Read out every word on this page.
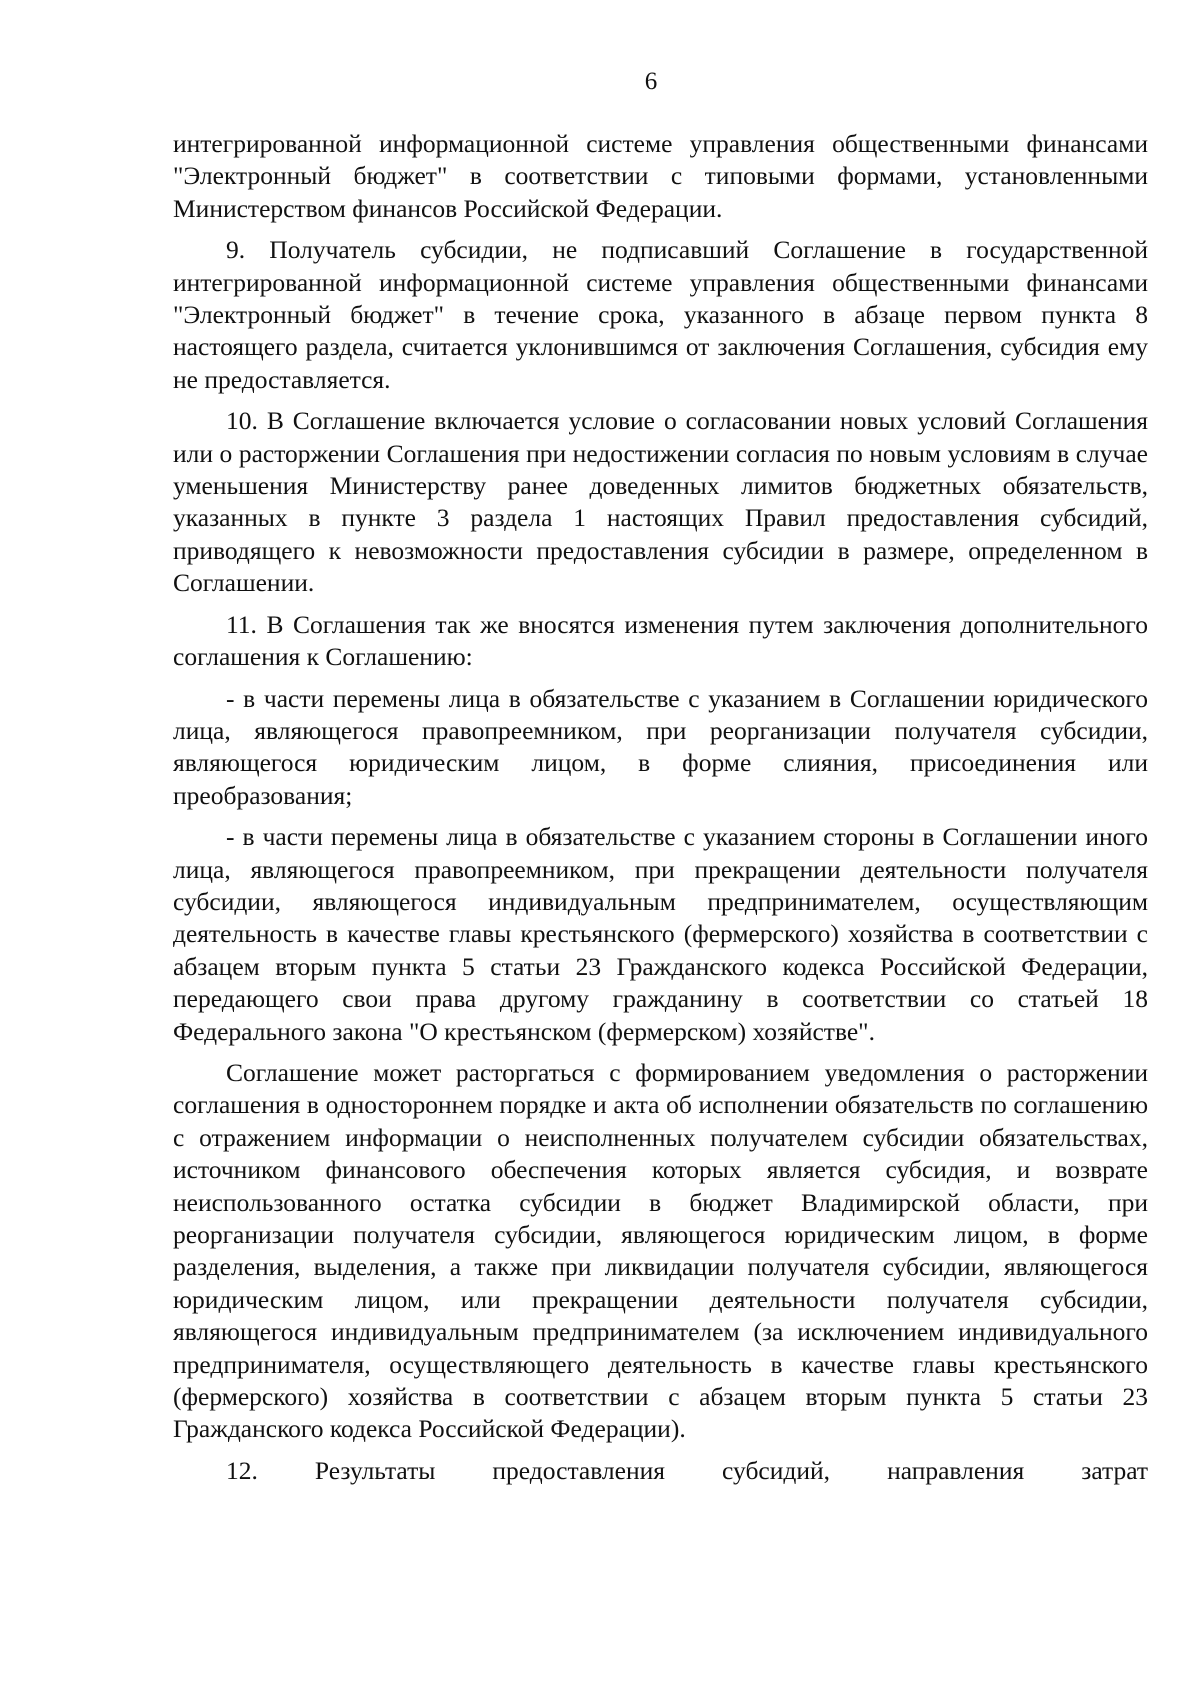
6

интегрированной информационной системе управления общественными финансами "Электронный бюджет" в соответствии с типовыми формами, установленными Министерством финансов Российской Федерации.

9. Получатель субсидии, не подписавший Соглашение в государственной интегрированной информационной системе управления общественными финансами "Электронный бюджет" в течение срока, указанного в абзаце первом пункта 8 настоящего раздела, считается уклонившимся от заключения Соглашения, субсидия ему не предоставляется.

10. В Соглашение включается условие о согласовании новых условий Соглашения или о расторжении Соглашения при недостижении согласия по новым условиям в случае уменьшения Министерству ранее доведенных лимитов бюджетных обязательств, указанных в пункте 3 раздела 1 настоящих Правил предоставления субсидий, приводящего к невозможности предоставления субсидии в размере, определенном в Соглашении.

11. В Соглашения так же вносятся изменения путем заключения дополнительного соглашения к Соглашению:

- в части перемены лица в обязательстве с указанием в Соглашении юридического лица, являющегося правопреемником, при реорганизации получателя субсидии, являющегося юридическим лицом, в форме слияния, присоединения или преобразования;

- в части перемены лица в обязательстве с указанием стороны в Соглашении иного лица, являющегося правопреемником, при прекращении деятельности получателя субсидии, являющегося индивидуальным предпринимателем, осуществляющим деятельность в качестве главы крестьянского (фермерского) хозяйства в соответствии с абзацем вторым пункта 5 статьи 23 Гражданского кодекса Российской Федерации, передающего свои права другому гражданину в соответствии со статьей 18 Федерального закона "О крестьянском (фермерском) хозяйстве".

Соглашение может расторгаться с формированием уведомления о расторжении соглашения в одностороннем порядке и акта об исполнении обязательств по соглашению с отражением информации о неисполненных получателем субсидии обязательствах, источником финансового обеспечения которых является субсидия, и возврате неиспользованного остатка субсидии в бюджет Владимирской области, при реорганизации получателя субсидии, являющегося юридическим лицом, в форме разделения, выделения, а также при ликвидации получателя субсидии, являющегося юридическим лицом, или прекращении деятельности получателя субсидии, являющегося индивидуальным предпринимателем (за исключением индивидуального предпринимателя, осуществляющего деятельность в качестве главы крестьянского (фермерского) хозяйства в соответствии с абзацем вторым пункта 5 статьи 23 Гражданского кодекса Российской Федерации).

12. Результаты предоставления субсидий, направления затрат
